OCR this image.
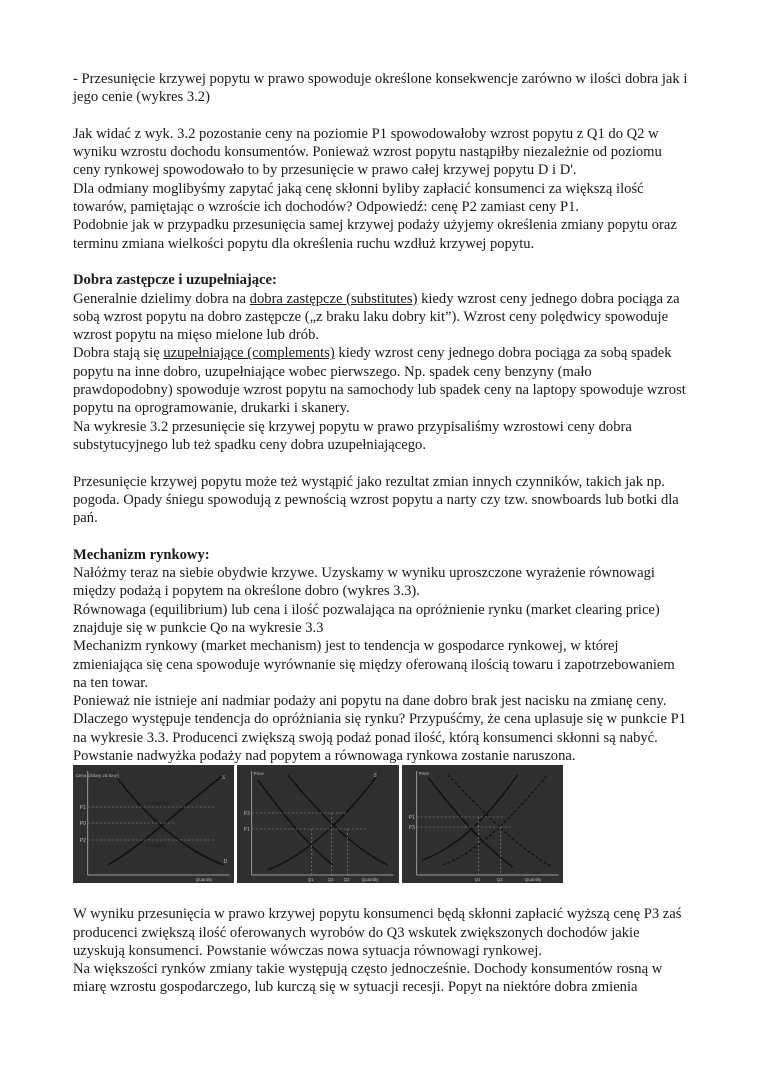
- Przesunięcie krzywej popytu w prawo spowoduje określone konsekwencje zarówno w ilości dobra jak i jego cenie (wykres 3.2)

Jak widać z wyk. 3.2 pozostanie ceny na poziomie P1 spowodowałoby wzrost popytu z Q1 do Q2 w wyniku wzrostu dochodu konsumentów. Ponieważ wzrost popytu nastąpiłby niezależnie od poziomu ceny rynkowej spowodowało to by przesunięcie w prawo całej krzywej popytu D i D'.

Dla odmiany moglibyśmy zapytać jaką cenę skłonni byliby zapłacić konsumenci za większą ilość towarów, pamiętając o wzroście ich dochodów? Odpowiedź: cenę P2 zamiast ceny P1.

Podobnie jak w przypadku przesunięcia samej krzywej podaży użyjemy określenia zmiany popytu oraz terminu zmiana wielkości popytu dla określenia ruchu wzdłuż krzywej popytu.

Dobra zastępcze i uzupełniające:

Generalnie dzielimy dobra na dobra zastępcze (substitutes) kiedy wzrost ceny jednego dobra pociąga za sobą wzrost popytu na dobro zastępcze („z braku laku dobry kit”). Wzrost ceny polędwicy spowoduje wzrost popytu na mięso mielone lub drób.

Dobra stają się uzupełniające (complements) kiedy wzrost ceny jednego dobra pociąga za sobą spadek popytu na inne dobro, uzupełniające wobec pierwszego. Np. spadek ceny benzyny (mało prawdopodobny) spowoduje wzrost popytu na samochody lub spadek ceny na laptopy spowoduje wzrost popytu na oprogramowanie, drukarki i skanery.

Na wykresie 3.2 przesunięcie się krzywej popytu w prawo przypisaliśmy wzrostowi ceny dobra substytucyjnego lub też spadku ceny dobra uzupełniającego.

Przesunięcie krzywej popytu może też wystąpić jako rezultat zmian innych czynników, takich jak np. pogoda. Opady śniegu spowodują z pewnością wzrost popytu a narty czy tzw. snowboards lub botki dla pań.

Mechanizm rynkowy:

Nałóżmy teraz na siebie obydwie krzywe. Uzyskamy w wyniku uproszczone wyrażenie równowagi między podażą i popytem na określone dobro (wykres 3.3).

Równowaga (equilibrium) lub cena i ilość pozwalająca na opróżnienie rynku (market clearing price) znajduje się w punkcie Qo na wykresie 3.3

Mechanizm rynkowy (market mechanism) jest to tendencja w gospodarce rynkowej, w której zmieniająca się cena spowoduje wyrównanie się między oferowaną ilością towaru i zapotrzebowaniem na ten towar.

Ponieważ nie istnieje ani nadmiar podaży ani popytu na dane dobro brak jest nacisku na zmianę ceny.

Dlaczego występuje tendencja do opróżniania się rynku? Przypuśćmy, że cena uplasuje się w punkcie P1 na wykresie 3.3. Producenci zwiększą swoją podaż ponad ilość, którą konsumenci skłonni są nabyć. Powstanie nadwyżka podaży nad popytem a równowaga rynkowa zostanie naruszona.

Cena (dolary za tonę)
Nadwyżka
Niedobór
P1
P0
P2
S
D
Quantity
Price
P3
P1
S
Q1	Q3 Q2	Quantity
Price
P1
P3
Q1	Q2	Quantity

W wyniku przesunięcia w prawo krzywej popytu konsumenci będą skłonni zapłacić wyższą cenę P3 zaś producenci zwiększą ilość oferowanych wyrobów do Q3 wskutek zwiększonych dochodów jakie uzyskują konsumenci. Powstanie wówczas nowa sytuacja równowagi rynkowej.

Na większości rynków zmiany takie występują często jednocześnie. Dochody konsumentów rosną w miarę wzrostu gospodarczego, lub kurczą się w sytuacji recesji. Popyt na niektóre dobra zmienia
